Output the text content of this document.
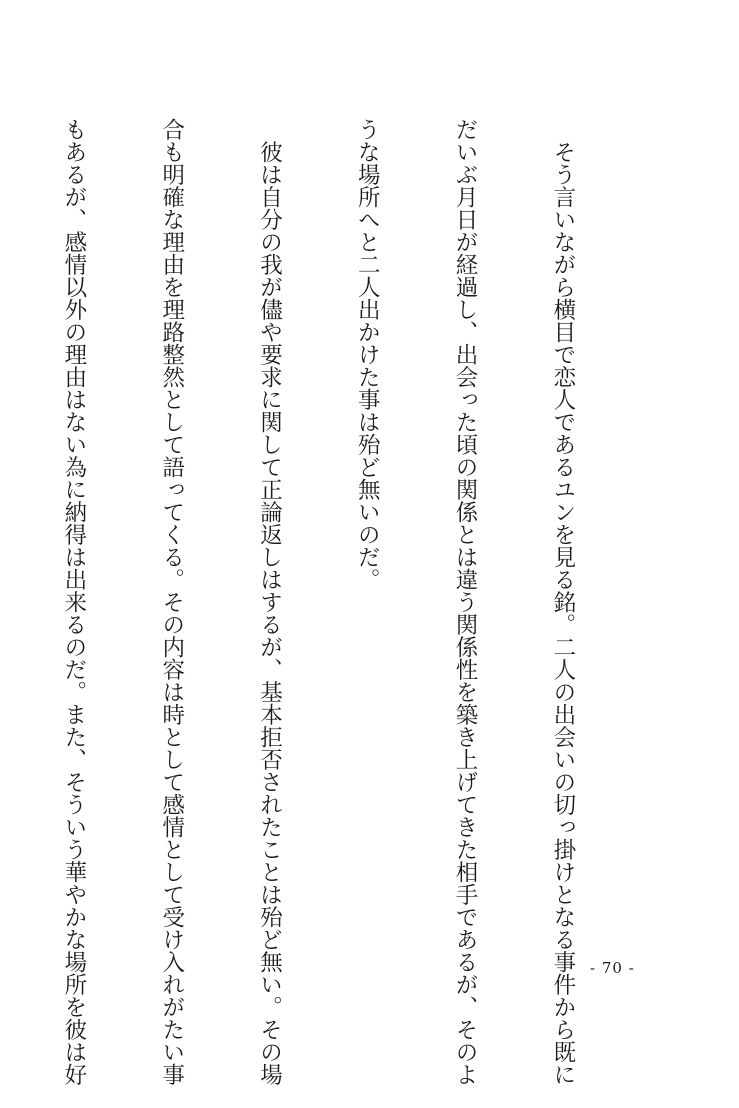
　そう言いながら横目で恋人であるユンを見る銘。二人の出会いの切っ掛けとなる事件から既に

だいぶ月日が経過し、出会った頃の関係とは違う関係性を築き上げてきた相手であるが、そのよ

うな場所へと二人出かけた事は殆ど無いのだ。

　彼は自分の我が儘や要求に関して正論返しはするが、基本拒否されたことは殆ど無い。その場

合も明確な理由を理路整然として語ってくる。その内容は時として感情として受け入れがたい事

もあるが、感情以外の理由はない為に納得は出来るのだ。また、そういう華やかな場所を彼は好

	- 70 -
